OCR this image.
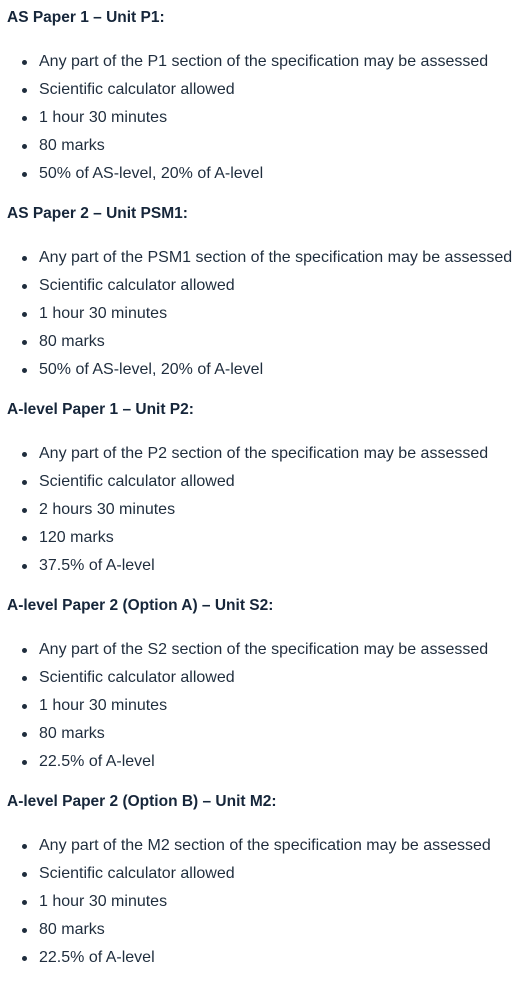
AS Paper 1 – Unit P1:
Any part of the P1 section of the specification may be assessed
Scientific calculator allowed
1 hour 30 minutes
80 marks
50% of AS-level, 20% of A-level
AS Paper 2 – Unit PSM1:
Any part of the PSM1 section of the specification may be assessed
Scientific calculator allowed
1 hour 30 minutes
80 marks
50% of AS-level, 20% of A-level
A-level Paper 1 – Unit P2:
Any part of the P2 section of the specification may be assessed
Scientific calculator allowed
2 hours 30 minutes
120 marks
37.5% of A-level
A-level Paper 2 (Option A) – Unit S2:
Any part of the S2 section of the specification may be assessed
Scientific calculator allowed
1 hour 30 minutes
80 marks
22.5% of A-level
A-level Paper 2 (Option B) – Unit M2:
Any part of the M2 section of the specification may be assessed
Scientific calculator allowed
1 hour 30 minutes
80 marks
22.5% of A-level
